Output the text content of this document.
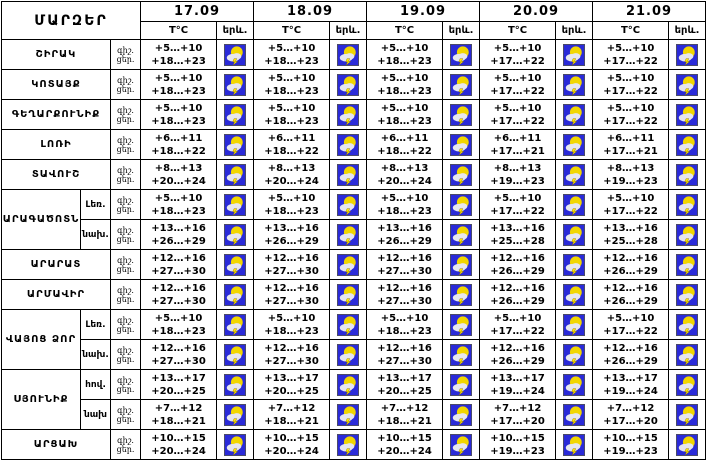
ՄԱՐԶԵՐ			17.09		18.09		19.09		20.09		21.09	
			T°C	երև.	T°C	երև.	T°C	երև.	T°C	երև.	T°C	երև.
ՇԻՐԱԿ		գիշ.
ցեր.	+5…+10
+18…+23		+5…+10
+18…+23		+5…+10
+18…+23		+5…+10
+17…+22		+5…+10
+17…+22

ԿՈՏԱՅՔ		գիշ.
ցեր.	+5…+10
+18…+23		+5…+10
+18…+23		+5…+10
+18…+23		+5…+10
+17…+22		+5…+10
+17…+22

ԳԵՂԱՐՔՈՒՆԻՔ		գիշ.
ցեր.	+5…+10
+18…+23		+5…+10
+18…+23		+5…+10
+18…+23		+5…+10
+17…+22		+5…+10
+17…+22

ԼՈՌԻ		գիշ.
ցեր.	+6…+11
+18…+22		+6…+11
+18…+22		+6…+11
+18…+22		+6…+11
+17…+21		+6…+11
+17…+21

ՏԱՎՈՒՇ		գիշ.
ցեր.	+8…+13
+20…+24		+8…+13
+20…+24		+8…+13
+20…+24		+8…+13
+19…+23		+8…+13
+19…+23

ԱՐԱԳԱԾՈՏՆ	Լեռ.	գիշ.
ցեր.	+5…+10
+18…+23		+5…+10
+18…+23		+5…+10
+18…+23		+5…+10
+17…+22		+5…+10
+17…+22

	նախ.	գիշ.
ցեր.	+13…+16
+26…+29		+13…+16
+26…+29		+13…+16
+26…+29		+13…+16
+25…+28		+13…+16
+25…+28

ԱՐԱՐԱՏ		գիշ.
ցեր.	+12…+16
+27…+30		+12…+16
+27…+30		+12…+16
+27…+30		+12…+16
+26…+29		+12…+16
+26…+29

ԱՐՄԱՎԻՐ		գիշ.
ցեր.	+12…+16
+27…+30		+12…+16
+27…+30		+12…+16
+27…+30		+12…+16
+26…+29		+12…+16
+26…+29

ՎԱՅՈՑ ՁՈՐ	Լեռ.	գիշ.
ցեր.	+5…+10
+18…+23		+5…+10
+18…+23		+5…+10
+18…+23		+5…+10
+17…+22		+5…+10
+17…+22

	նախ.	գիշ.
ցեր.	+12…+16
+27…+30		+12…+16
+27…+30		+12…+16
+27…+30		+12…+16
+26…+29		+12…+16
+26…+29

ՍՅՈՒՆԻՔ	հով.	գիշ.
ցեր.	+13…+17
+20…+25		+13…+17
+20…+25		+13…+17
+20…+25		+13…+17
+19…+24		+13…+17
+19…+24

	նախ	գիշ.
ցեր.	+7…+12
+18…+21		+7…+12
+18…+21		+7…+12
+18…+21		+7…+12
+17…+20		+7…+12
+17…+20

ԱՐՑԱԽ		գիշ.
ցեր.	+10…+15
+20…+24		+10…+15
+20…+24		+10…+15
+20…+24		+10…+15
+19…+23		+10…+15
+19…+23
